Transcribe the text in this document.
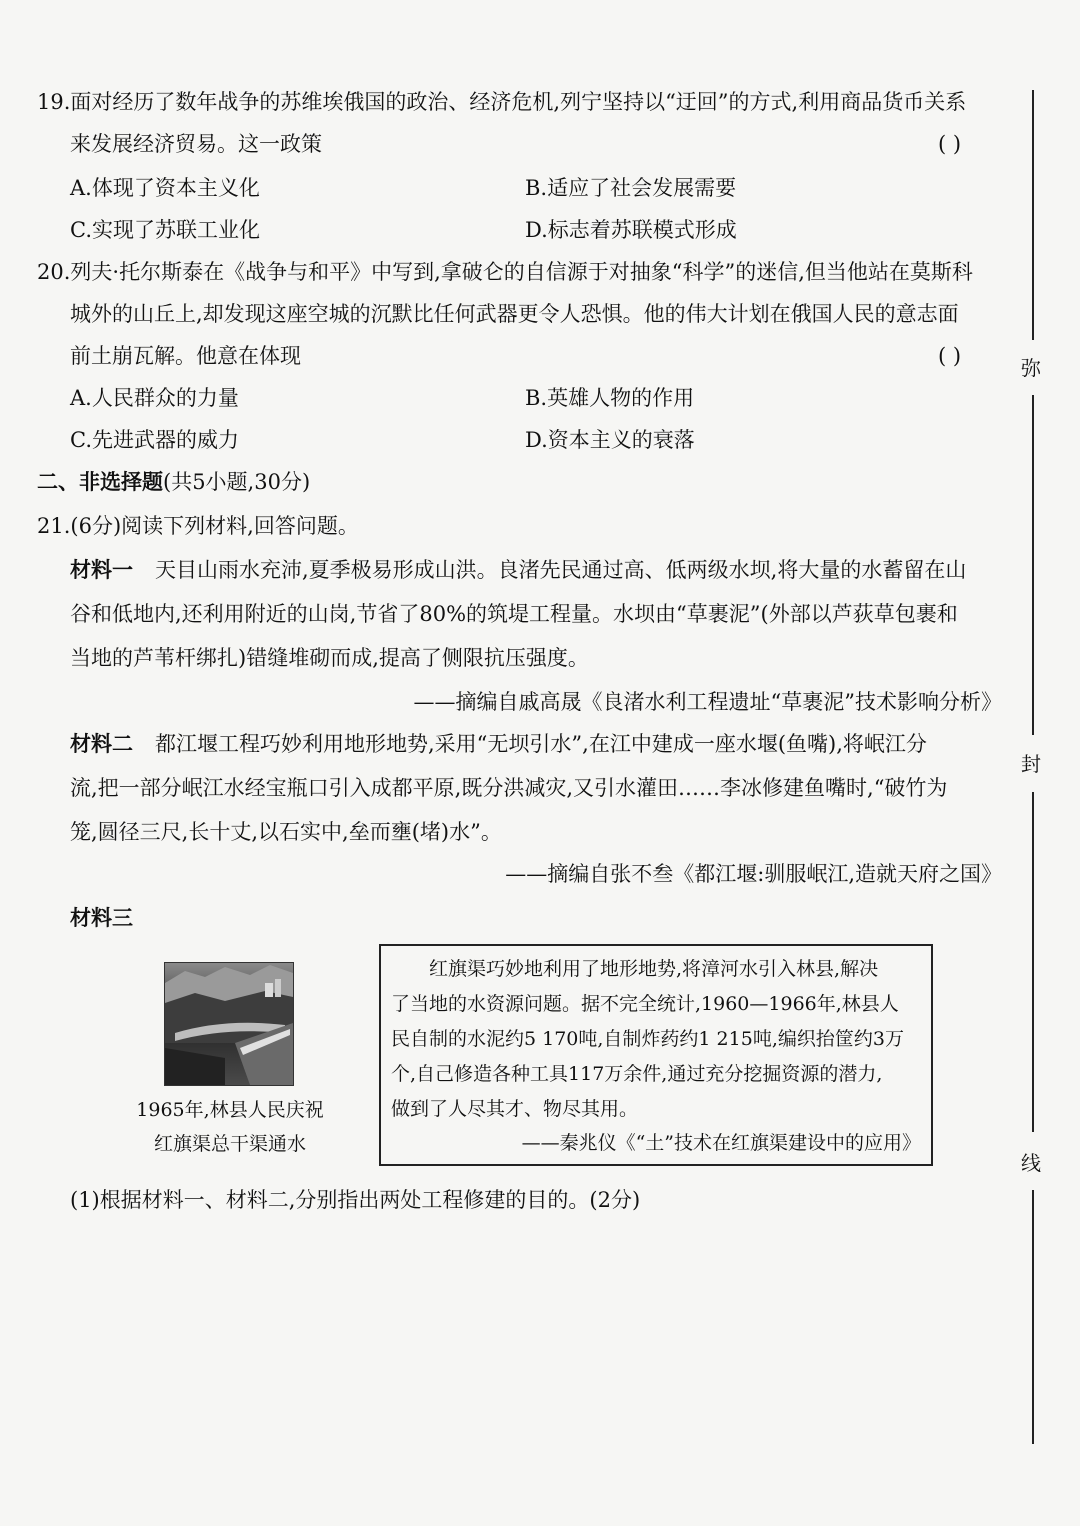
19.面对经历了数年战争的苏维埃俄国的政治、经济危机,列宁坚持以“迂回”的方式,利用商品货币关系
来发展经济贸易。这一政策	( )
A.体现了资本主义化	B.适应了社会发展需要
C.实现了苏联工业化	D.标志着苏联模式形成
20.列夫·托尔斯泰在《战争与和平》中写到,拿破仑的自信源于对抽象“科学”的迷信,但当他站在莫斯科
城外的山丘上,却发现这座空城的沉默比任何武器更令人恐惧。他的伟大计划在俄国人民的意志面
前土崩瓦解。他意在体现	( )
A.人民群众的力量	B.英雄人物的作用
C.先进武器的威力	D.资本主义的衰落
二、非选择题(共5小题,30分)
21.(6分)阅读下列材料,回答问题。
材料一 天目山雨水充沛,夏季极易形成山洪。良渚先民通过高、低两级水坝,将大量的水蓄留在山
谷和低地内,还利用附近的山岗,节省了80%的筑堤工程量。水坝由“草裹泥”(外部以芦荻草包裹和
当地的芦苇杆绑扎)错缝堆砌而成,提高了侧限抗压强度。
——摘编自戚高晟《良渚水利工程遗址“草裹泥”技术影响分析》
材料二 都江堰工程巧妙利用地形地势,采用“无坝引水”,在江中建成一座水堰(鱼嘴),将岷江分
流,把一部分岷江水经宝瓶口引入成都平原,既分洪减灾,又引水灌田……李冰修建鱼嘴时,“破竹为
笼,圆径三尺,长十丈,以石实中,垒而壅(堵)水”。
——摘编自张不叁《都江堰:驯服岷江,造就天府之国》
材料三
1965年,林县人民庆祝
红旗渠总干渠通水
红旗渠巧妙地利用了地形地势,将漳河水引入林县,解决
了当地的水资源问题。据不完全统计,1960—1966年,林县人
民自制的水泥约5 170吨,自制炸药约1 215吨,编织抬筐约3万
个,自己修造各种工具117万余件,通过充分挖掘资源的潜力,
做到了人尽其才、物尽其用。
——秦兆仪《“土”技术在红旗渠建设中的应用》
(1)根据材料一、材料二,分别指出两处工程修建的目的。(2分)
弥
封
线
